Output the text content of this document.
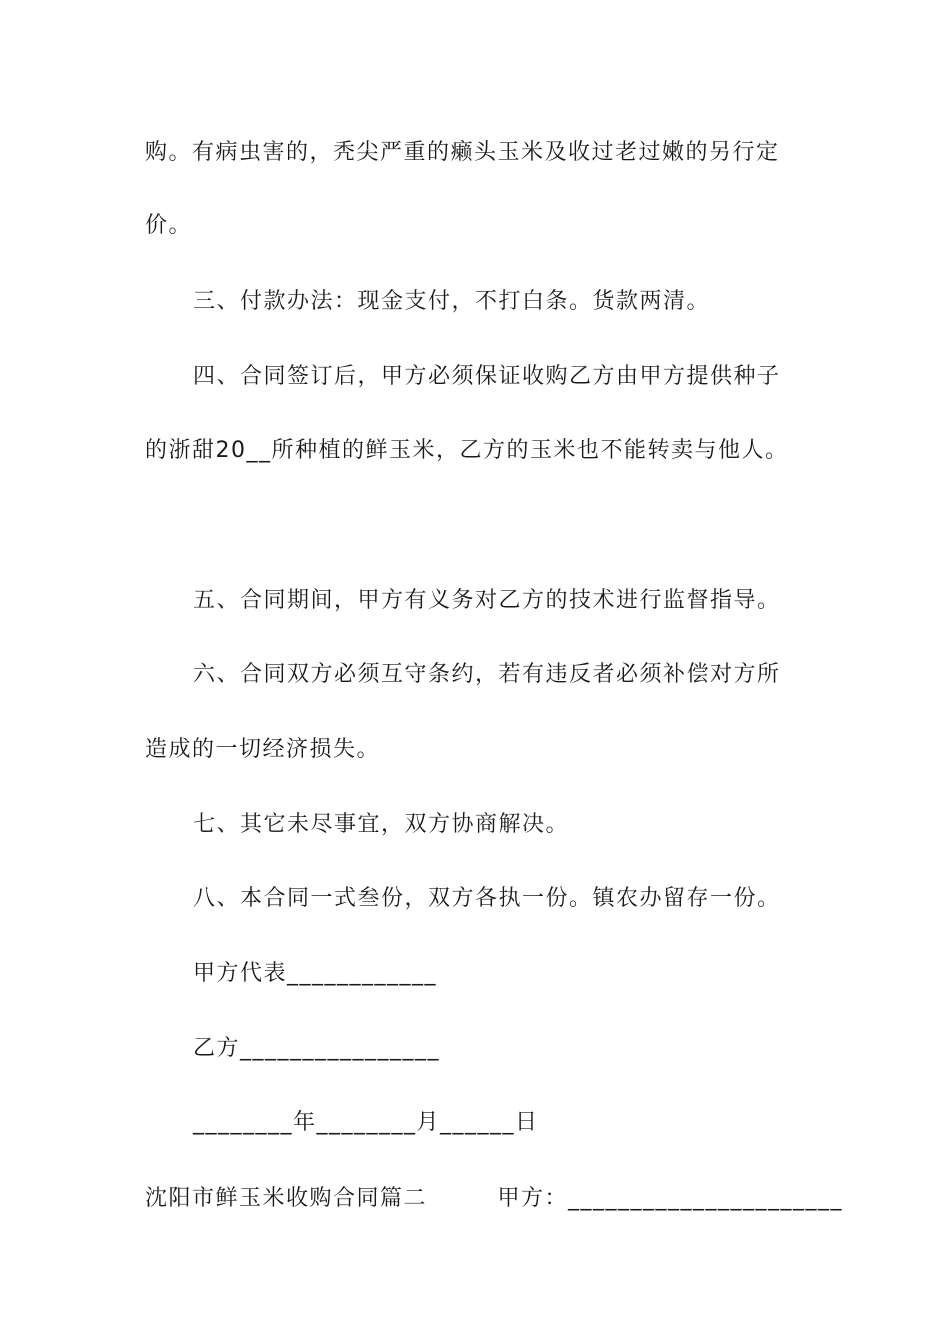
购。有病虫害的，秃尖严重的癞头玉米及收过老过嫩的另行定
价。
三、付款办法：现金支付，不打白条。货款两清。
四、合同签订后，甲方必须保证收购乙方由甲方提供种子
的浙甜20__所种植的鲜玉米，乙方的玉米也不能转卖与他人。
五、合同期间，甲方有义务对乙方的技术进行监督指导。
六、合同双方必须互守条约，若有违反者必须补偿对方所
造成的一切经济损失。
七、其它未尽事宜，双方协商解决。
八、本合同一式叁份，双方各执一份。镇农办留存一份。
甲方代表____________
乙方________________
________年________月______日
沈阳市鲜玉米收购合同篇二　　　甲方：______________________
